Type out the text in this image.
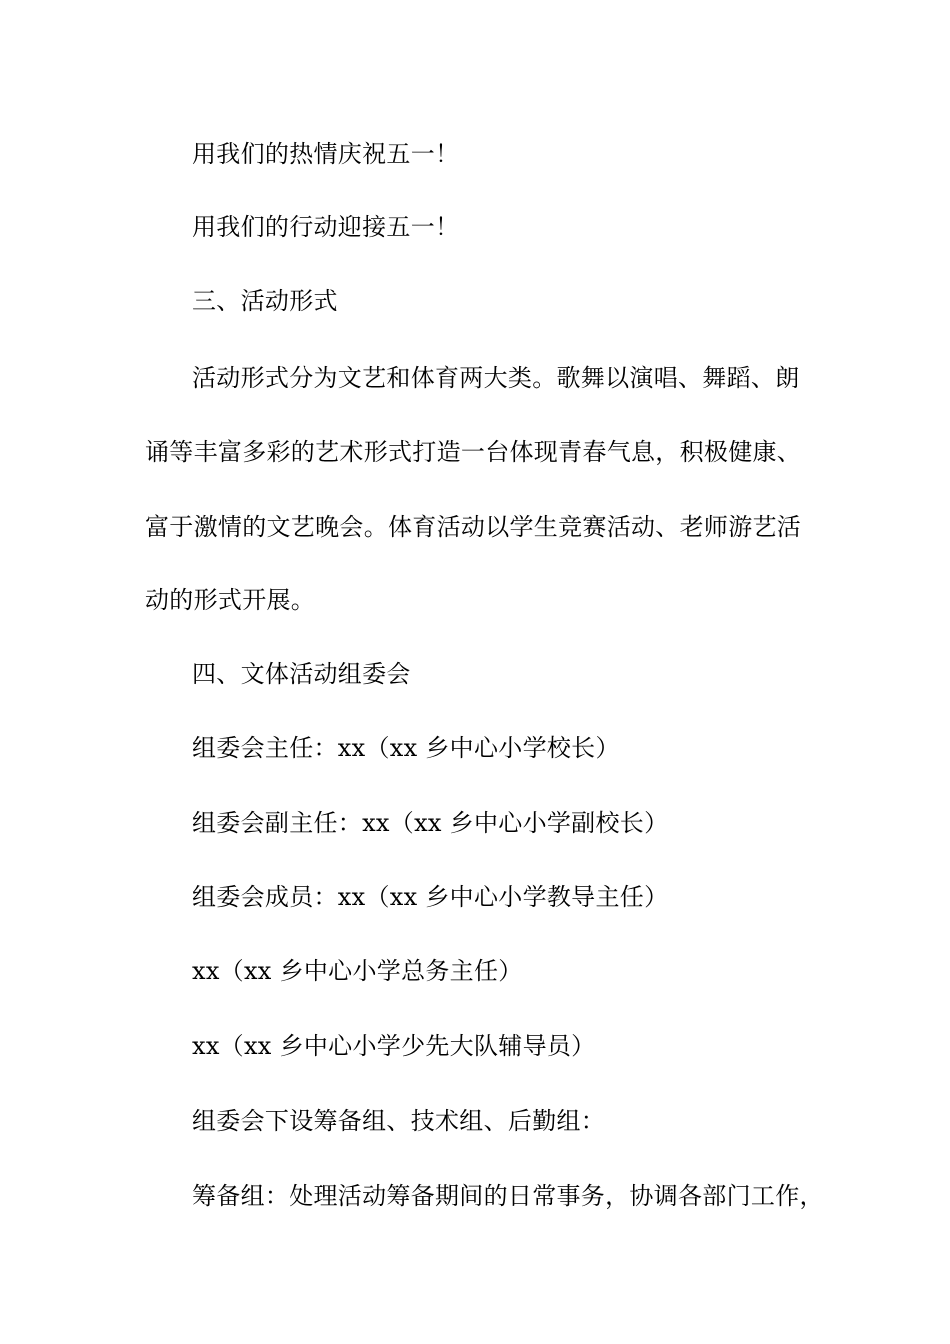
用我们的热情庆祝五一！
用我们的行动迎接五一！
三、活动形式
活动形式分为文艺和体育两大类。歌舞以演唱、舞蹈、朗
诵等丰富多彩的艺术形式打造一台体现青春气息，积极健康、
富于激情的文艺晚会。体育活动以学生竞赛活动、老师游艺活
动的形式开展。
四、文体活动组委会
组委会主任：xx（xx 乡中心小学校长）
组委会副主任：xx（xx 乡中心小学副校长）
组委会成员：xx（xx 乡中心小学教导主任）
xx（xx 乡中心小学总务主任）
xx（xx 乡中心小学少先大队辅导员）
组委会下设筹备组、技术组、后勤组：
筹备组：处理活动筹备期间的日常事务，协调各部门工作，
